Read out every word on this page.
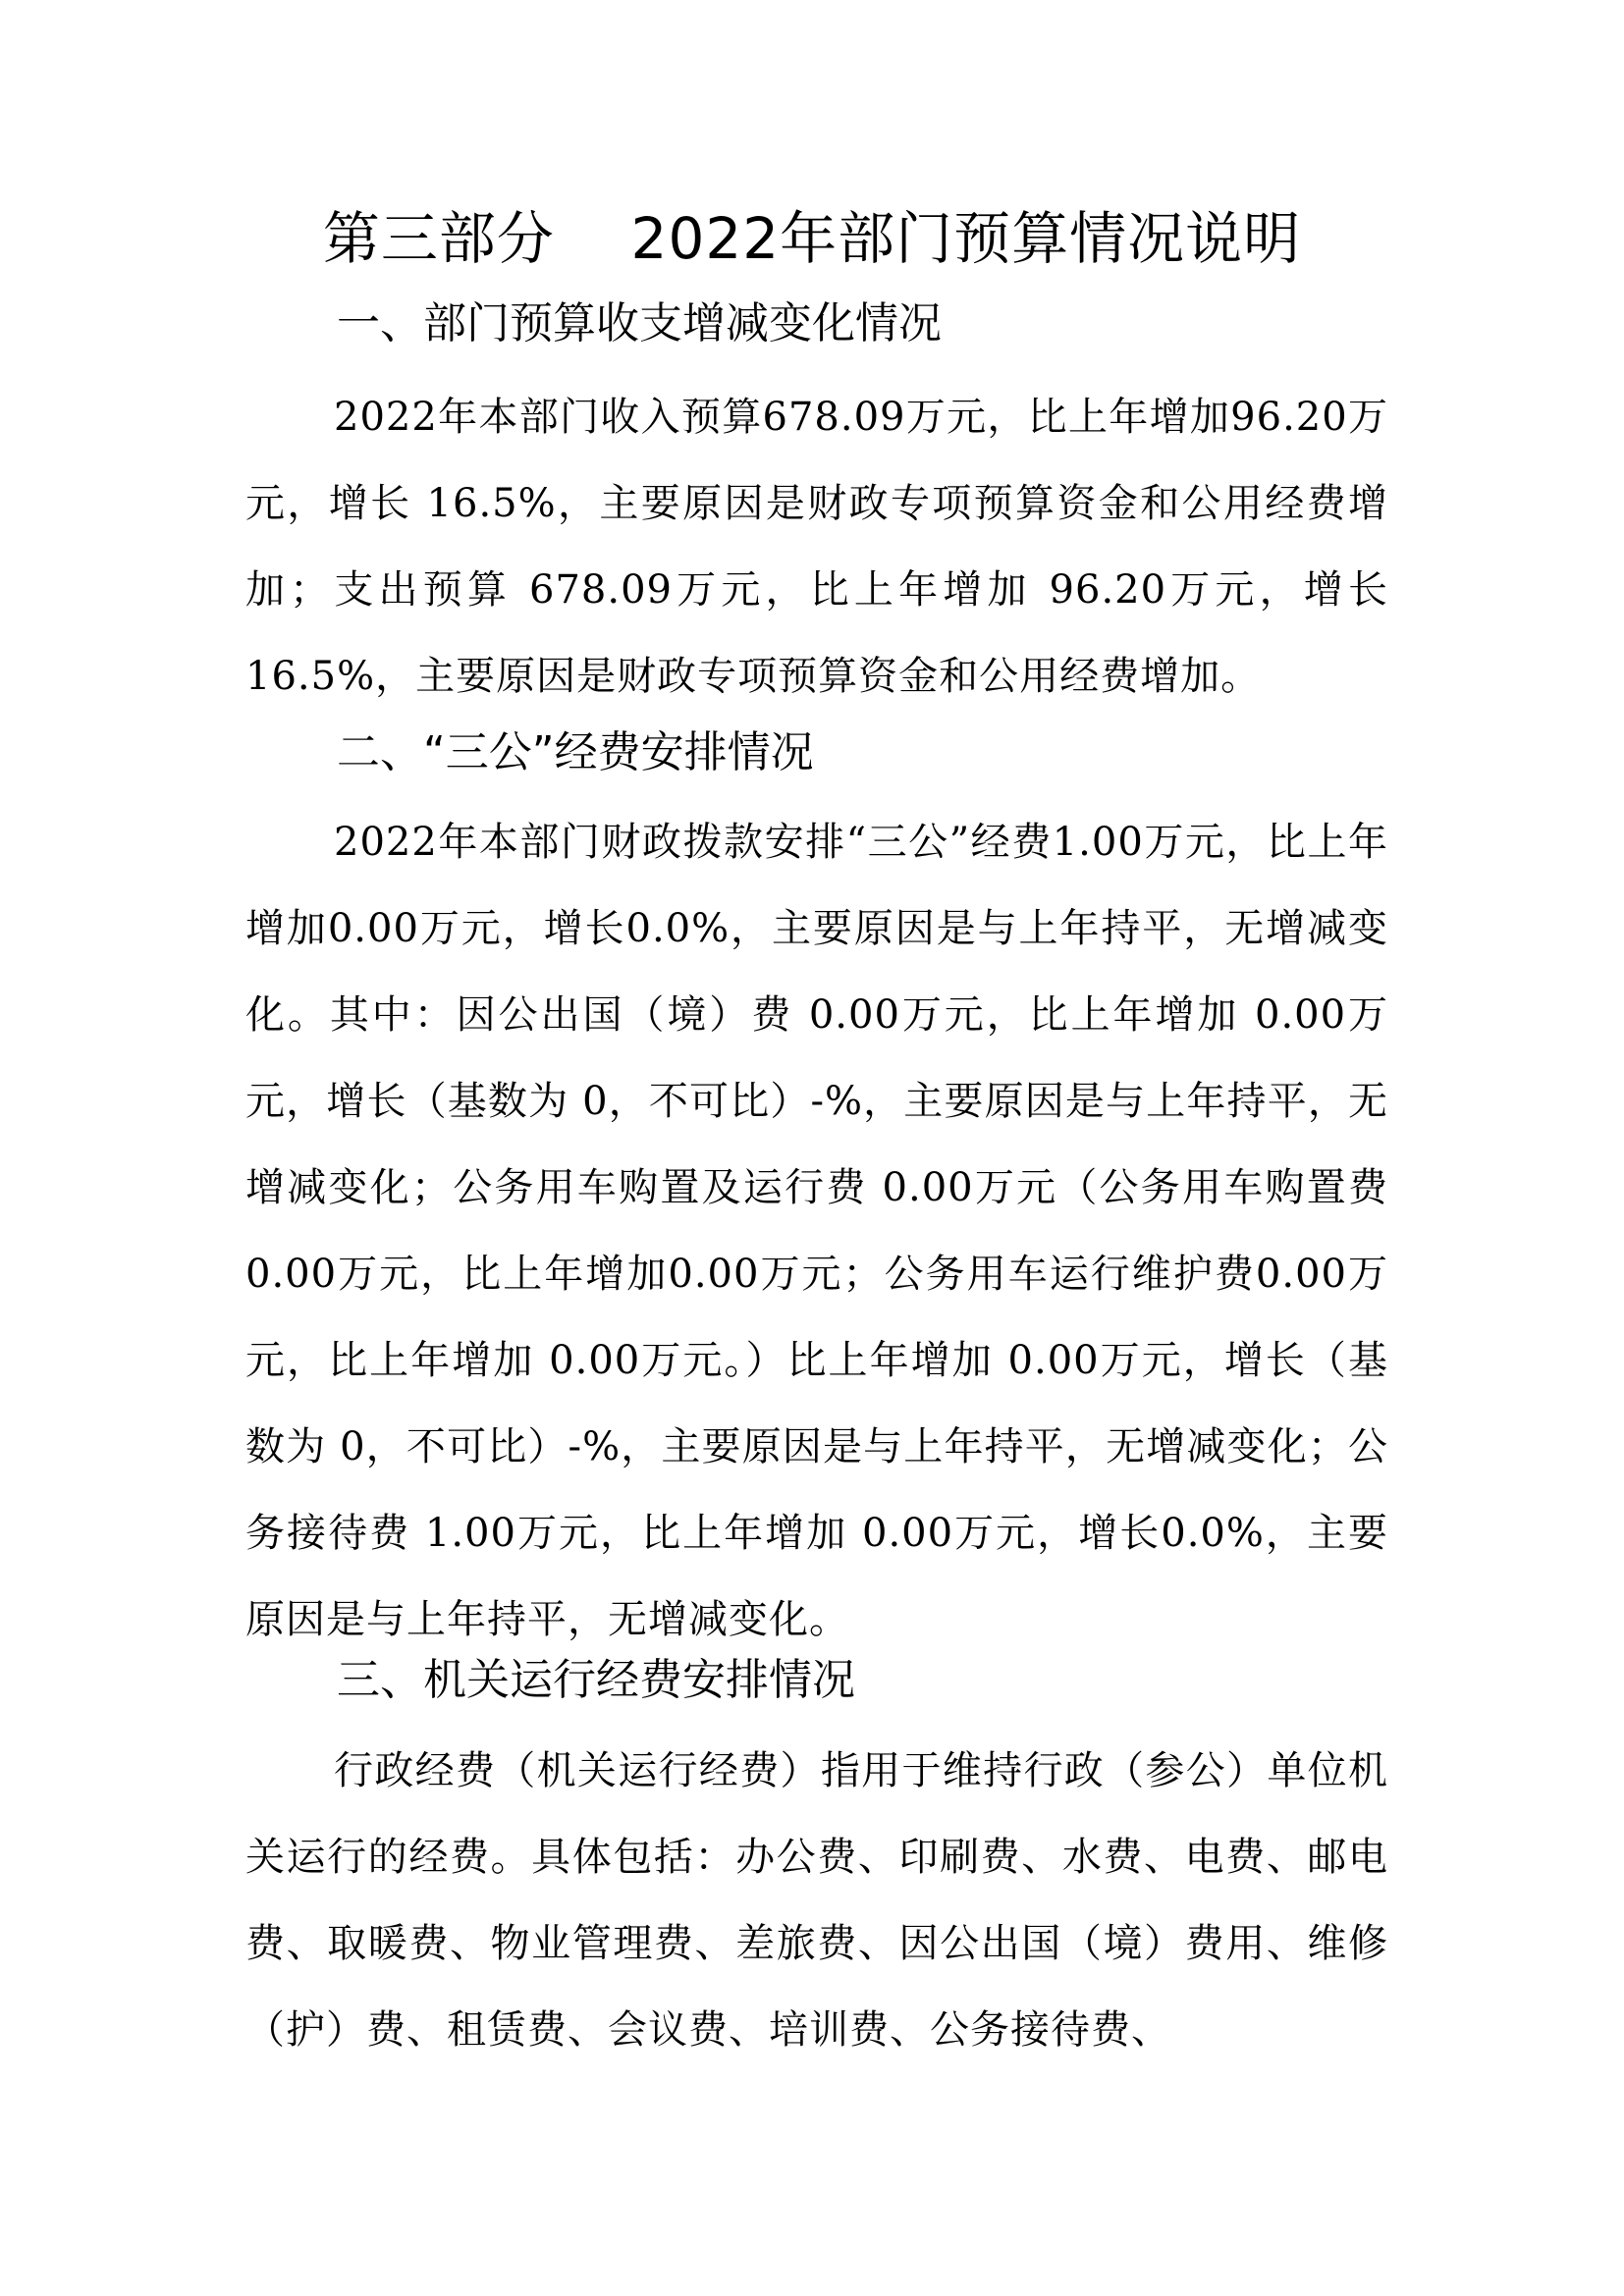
第三部分    2022年部门预算情况说明
一、部门预算收支增减变化情况
2022年本部门收入预算678.09万元，比上年增加96.20万元，增长 16.5%，主要原因是财政专项预算资金和公用经费增加；支出预算 678.09万元，比上年增加 96.20万元，增长16.5%，主要原因是财政专项预算资金和公用经费增加。
二、“三公”经费安排情况
2022年本部门财政拨款安排“三公”经费1.00万元，比上年增加0.00万元，增长0.0%，主要原因是与上年持平，无增减变化。其中：因公出国（境）费 0.00万元，比上年增加 0.00万元，增长（基数为 0，不可比）-%，主要原因是与上年持平，无增减变化；公务用车购置及运行费 0.00万元（公务用车购置费0.00万元，比上年增加0.00万元；公务用车运行维护费0.00万元，比上年增加 0.00万元。）比上年增加 0.00万元，增长（基数为 0，不可比）-%，主要原因是与上年持平，无增减变化；公务接待费 1.00万元，比上年增加 0.00万元，增长0.0%，主要原因是与上年持平，无增减变化。
三、机关运行经费安排情况
行政经费（机关运行经费）指用于维持行政（参公）单位机关运行的经费。具体包括：办公费、印刷费、水费、电费、邮电费、取暖费、物业管理费、差旅费、因公出国（境）费用、维修（护）费、租赁费、会议费、培训费、公务接待费、
